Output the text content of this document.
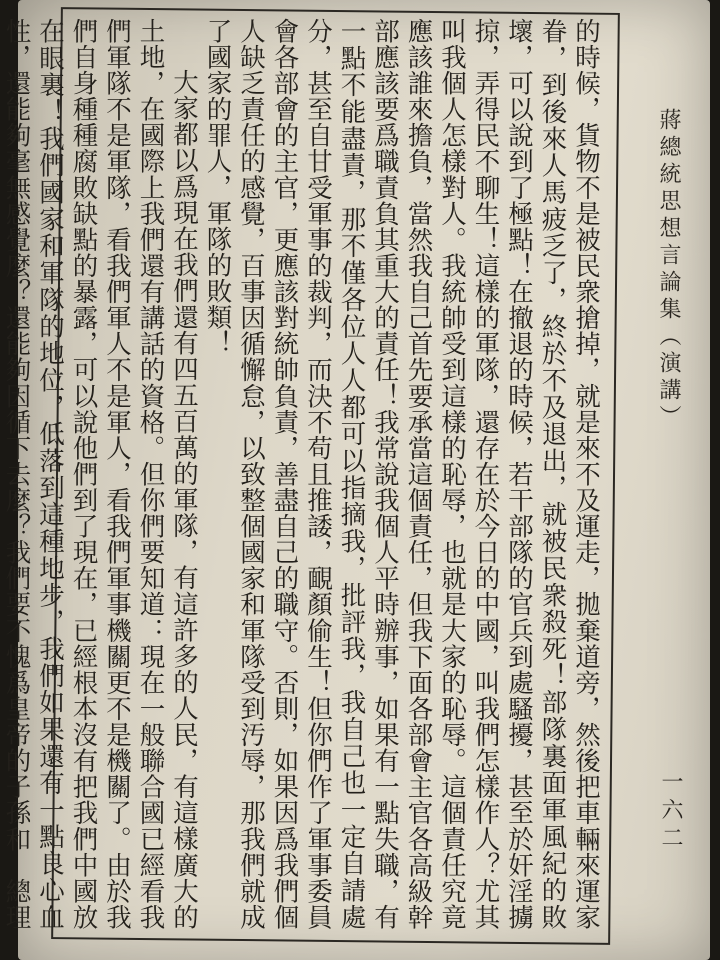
的時候，貨物不是被民衆搶掉，就是來不及運走，拋棄道旁，然後把車輛來運家眷，到後來人馬疲乏了，終於不及退出，就被民衆殺死！部隊裏面軍風紀的敗壞，可以說到了極點！在撤退的時候，若干部隊的官兵到處騷擾，甚至於奸淫擄掠，弄得民不聊生！這樣的軍隊，還存在於今日的中國，叫我們怎樣作人？尤其叫我個人怎樣對人。我統帥受到這樣的恥辱，也就是大家的恥辱。這個責任究竟應該誰來擔負，當然我自己首先要承當這個責任，但我下面各部會主官各高級幹部應該要爲職責負其重大的責任！我常說我個人平時辦事，如果有一點失職，有一點不能盡責，那不僅各位人人都可以指摘我，批評我，我自己也一定自請處分，甚至自甘受軍事的裁判，而決不苟且推諉，靦顏偷生！但你們作了軍事委員會各部會的主官，更應該對統帥負責，善盡自己的職守。否則，如果因爲我們個人缺乏責任的感覺，百事因循懈怠，以致整個國家和軍隊受到汚辱，那我們就成了國家的罪人，軍隊的敗類！

大家都以爲現在我們還有四五百萬的軍隊，有這許多的人民，有這樣廣大的土地，在國際上我們還有講話的資格。但你們要知道：現在一般聯合國已經看我們軍隊不是軍隊，看我們軍人不是軍人，看我們軍事機關更不是機關了。由於我們自身種種腐敗缺點的暴露，可以說他們到了現在，已經根本沒有把我們中國放在眼裏！我們國家和軍隊的地位，低落到這種地步，我們如果還有一點良心血性，還能夠毫無感覺麼？還能夠因循下去麼？我們要不愧爲皇帝的子孫和　總理

蔣總統思想言論集（演講）
一六二
